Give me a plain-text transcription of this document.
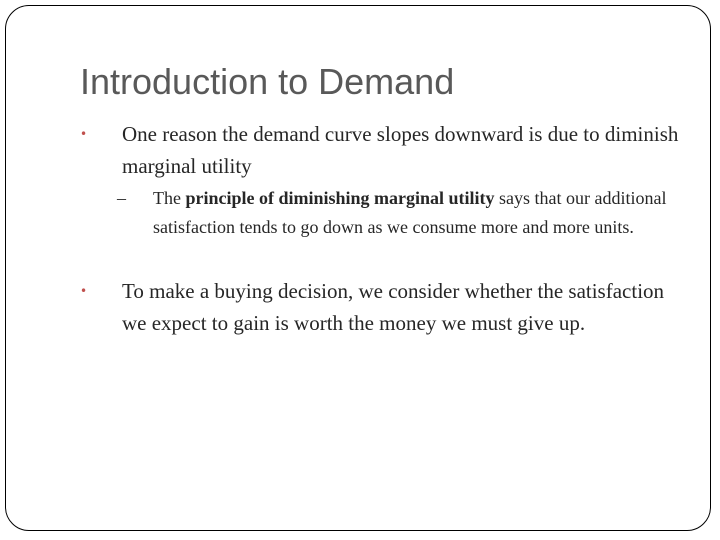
Introduction to Demand
• One reason the demand curve slopes downward is due to diminish marginal utility
– The principle of diminishing marginal utility says that our additional satisfaction tends to go down as we consume more and more units.
• To make a buying decision, we consider whether the satisfaction we expect to gain is worth the money we must give up.
